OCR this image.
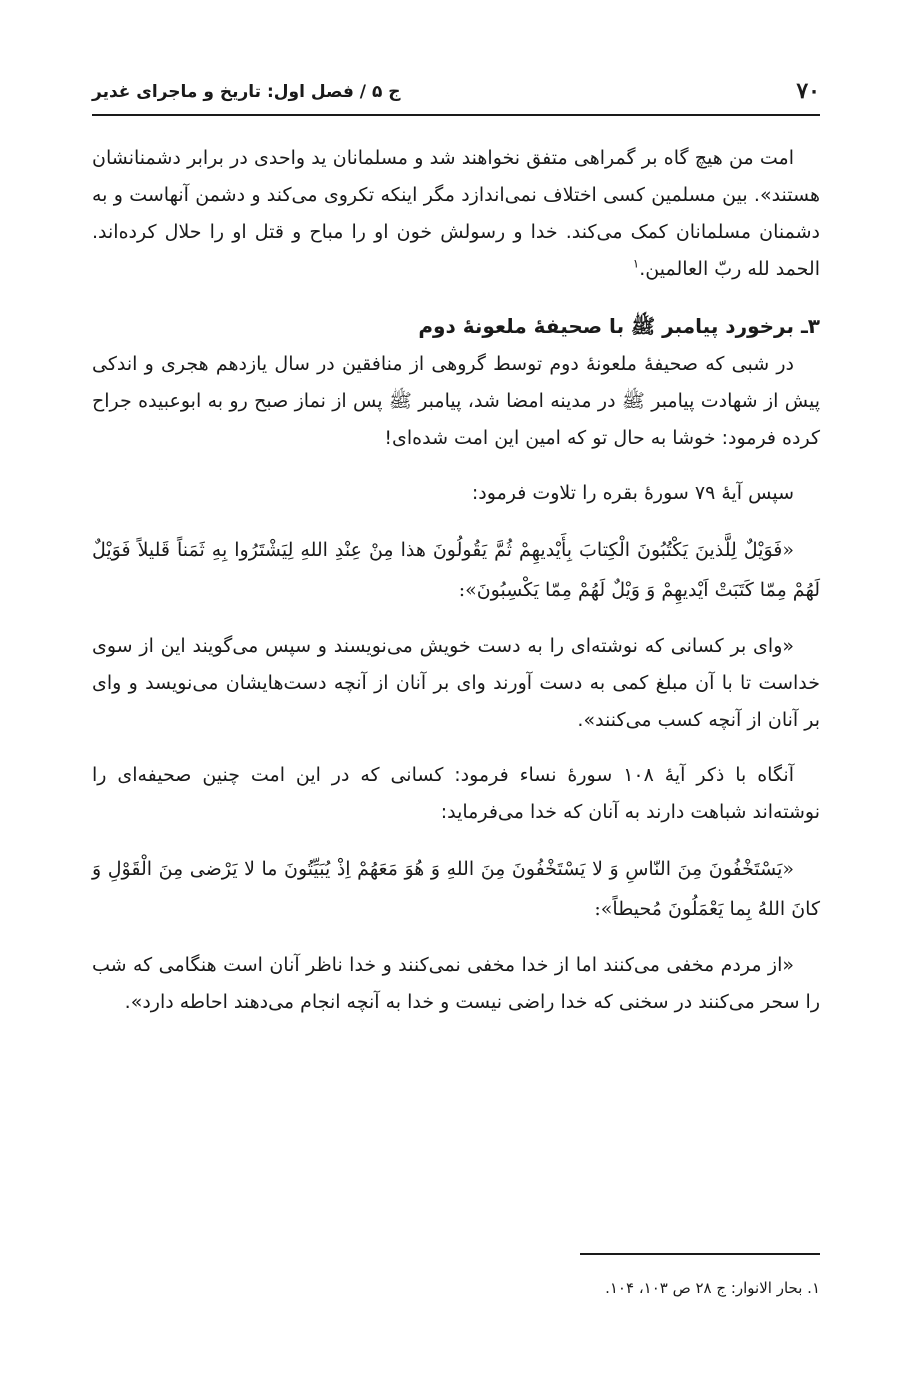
۷۰
ج ۵ / فصل اول: تاریخ و ماجرای غدیر

امت من هیچ گاه بر گمراهی متفق نخواهند شد و مسلمانان ید واحدی در برابر دشمنانشان هستند». بین مسلمین کسی اختلاف نمی‌اندازد مگر اینکه تکروی می‌کند و دشمن آنهاست و به دشمنان مسلمانان کمک می‌کند. خدا و رسولش خون او را مباح و قتل او را حلال کرده‌اند. الحمد لله ربّ العالمین.$^۱$

۳ـ برخورد پیامبر ﷺ با صحیفهٔ ملعونهٔ دوم

در شبی که صحیفهٔ ملعونهٔ دوم توسط گروهی از منافقین در سال یازدهم هجری و اندکی پیش از شهادت پیامبر ﷺ در مدینه امضا شد، پیامبر ﷺ پس از نماز صبح رو به ابوعبیده جراح کرده فرمود: خوشا به حال تو که امین این امت شده‌ای!

سپس آیهٔ ۷۹ سورهٔ بقره را تلاوت فرمود:

«فَوَيْلٌ لِلَّذينَ يَكْتُبُونَ الْكِتابَ بِأَيْديهِمْ ثُمَّ يَقُولُونَ هذا مِنْ عِنْدِ اللهِ لِيَشْتَرُوا بِهِ ثَمَناً قَليلاً فَوَيْلٌ لَهُمْ مِمّا كَتَبَتْ اَيْديهِمْ وَ وَيْلٌ لَهُمْ مِمّا يَكْسِبُونَ»:

«وای بر کسانی که نوشته‌ای را به دست خویش می‌نویسند و سپس می‌گویند این از سوی خداست تا با آن مبلغ کمی به دست آورند وای بر آنان از آنچه دست‌هایشان می‌نویسد و وای بر آنان از آنچه کسب می‌کنند».

آنگاه با ذکر آیهٔ ۱۰۸ سورهٔ نساء فرمود: کسانی که در این امت چنین صحیفه‌ای را نوشته‌اند شباهت دارند به آنان که خدا می‌فرماید:

«يَسْتَخْفُونَ مِنَ النّاسِ وَ لا يَسْتَخْفُونَ مِنَ اللهِ وَ هُوَ مَعَهُمْ اِذْ يُبَيِّتُونَ ما لا يَرْضى مِنَ الْقَوْلِ وَ كانَ اللهُ بِما يَعْمَلُونَ مُحيطاً»:

«از مردم مخفی می‌کنند اما از خدا مخفی نمی‌کنند و خدا ناظر آنان است هنگامی که شب را سحر می‌کنند در سخنی که خدا راضی نیست و خدا به آنچه انجام می‌دهند احاطه دارد».

۱. بحار الانوار: ج ۲۸ ص ۱۰۳، ۱۰۴.
